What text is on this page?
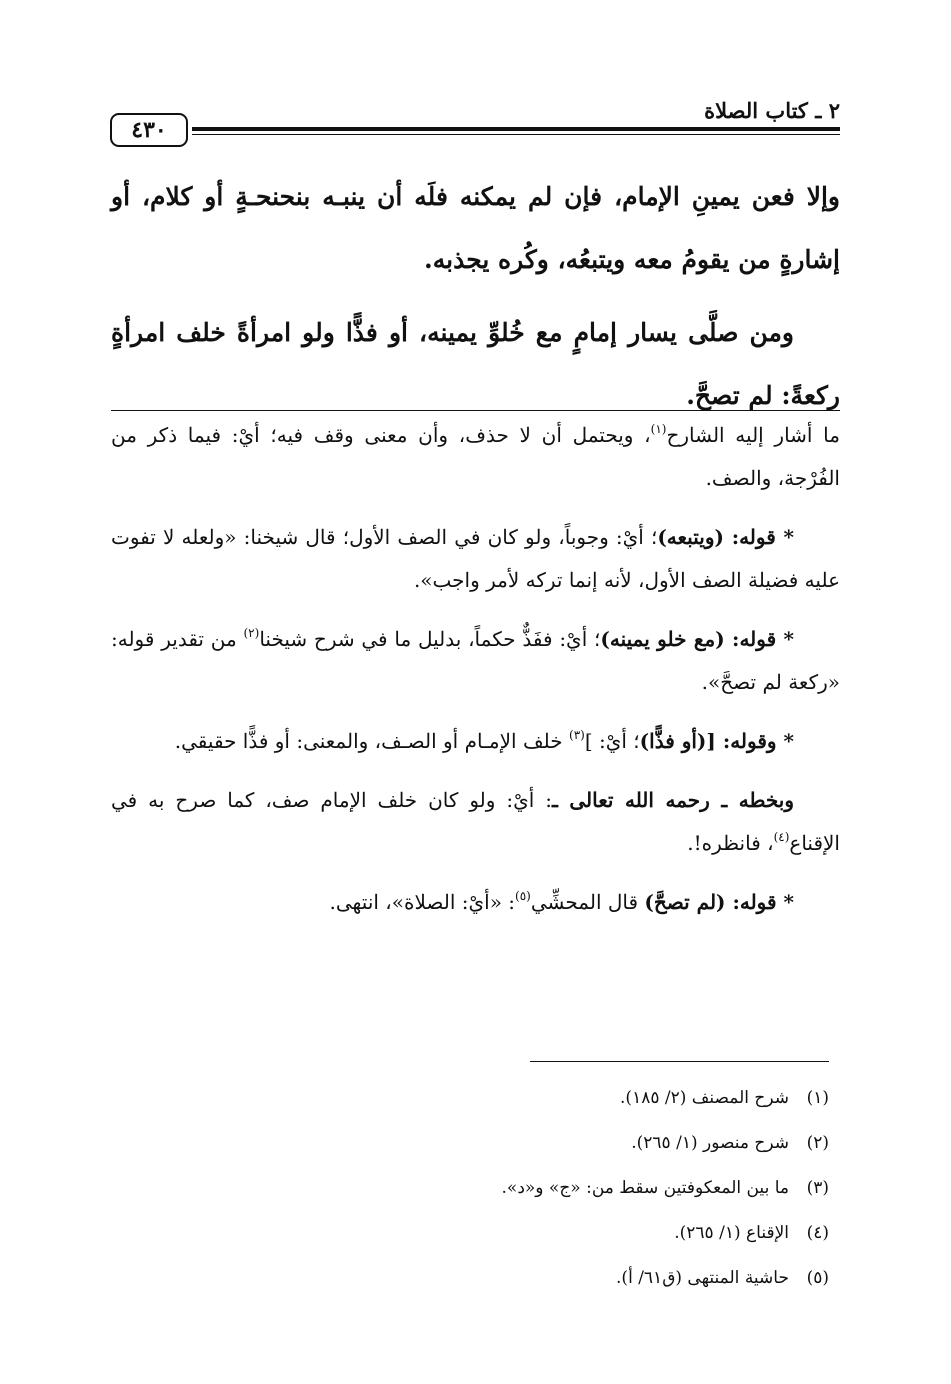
٤٣٠
٢ ـ كتاب الصلاة

وإلا فعن يمينِ الإمام، فإن لم يمكنه فلَه أن ينبـه بنحنحـةٍ أو كلام، أو إشارةٍ من يقومُ معه ويتبعُه، وكُره يجذبه.

ومن صلَّى يسار إمامٍ مع خُلوِّ يمينه، أو فذًّا ولو امرأةً خلف امرأةٍ ركعةً: لم تصحَّ.

ما أشار إليه الشارح$^{(١)}$، ويحتمل أن لا حذف، وأن معنى وقف فيه؛ أيْ: فيما ذكر من الفُرْجة، والصف.

* قوله: (ويتبعه)؛ أيْ: وجوباً، ولو كان في الصف الأول؛ قال شيخنا: «ولعله لا تفوت عليه فضيلة الصف الأول، لأنه إنما تركه لأمر واجب».

* قوله: (مع خلو يمينه)؛ أيْ: ففَذٌّ حكماً، بدليل ما في شرح شيخنا$^{(٢)}$ من تقدير قوله: «ركعة لم تصحَّ».

* وقوله: [(أو فذًّا)؛ أيْ: ]$^{(٣)}$ خلف الإمـام أو الصـف، والمعنى: أو فذًّا حقيقي.

وبخطه ـ رحمه الله تعالى ـ: أيْ: ولو كان خلف الإمام صف، كما صرح به في الإقناع$^{(٤)}$، فانظره!.

* قوله: (لم تصحَّ) قال المحشِّي$^{(٥)}$: «أيْ: الصلاة»، انتهى.

(١)شرح المصنف (٢/ ١٨٥).
(٢)شرح منصور (١/ ٢٦٥).
(٣)ما بين المعكوفتين سقط من: «ج» و«د».
(٤)الإقناع (١/ ٢٦٥).
(٥)حاشية المنتهى (ق٦١/ أ).
